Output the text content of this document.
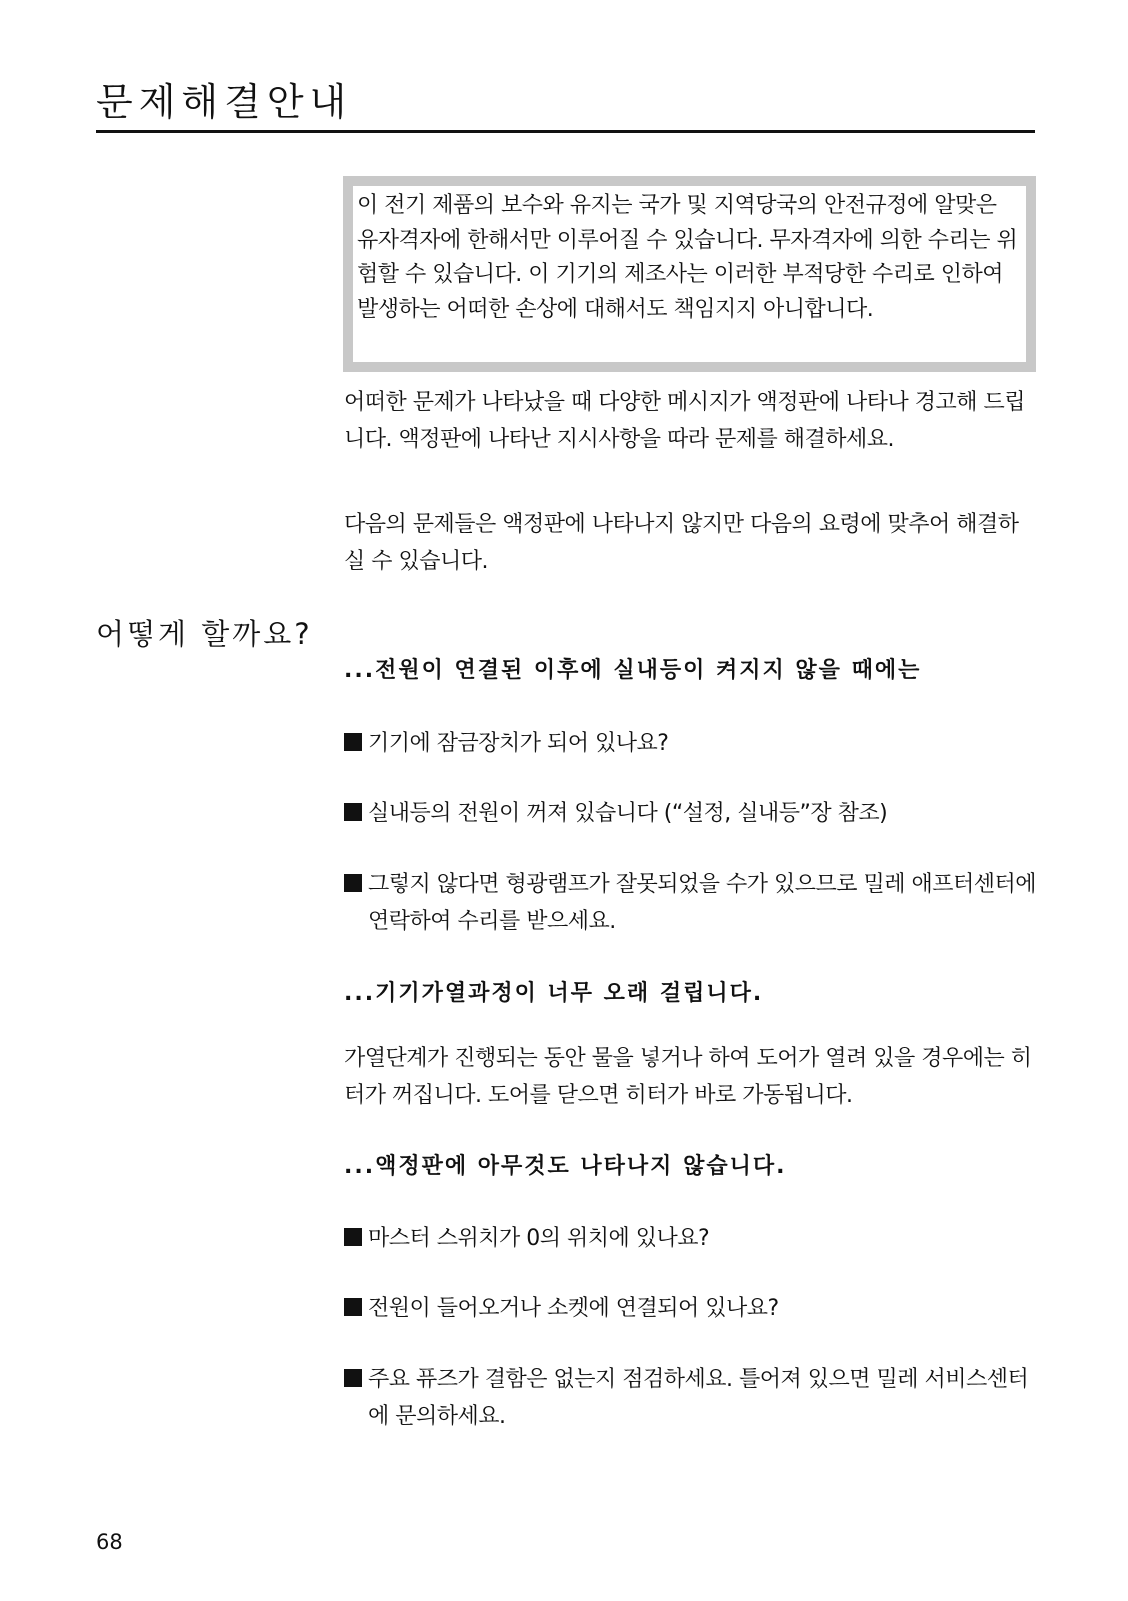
문제해결안내
이 전기 제품의 보수와 유지는 국가 및 지역당국의 안전규정에 알맞은 유자격자에 한해서만 이루어질 수 있습니다. 무자격자에 의한 수리는 위험할 수 있습니다. 이 기기의 제조사는 이러한 부적당한 수리로 인하여 발생하는 어떠한 손상에 대해서도 책임지지 아니합니다.

어떠한 문제가 나타났을 때 다양한 메시지가 액정판에 나타나 경고해 드립니다. 액정판에 나타난 지시사항을 따라 문제를 해결하세요.

다음의 문제들은 액정판에 나타나지 않지만 다음의 요령에 맞추어 해결하실 수 있습니다.

어떻게 할까요?
...전원이 연결된 이후에 실내등이 켜지지 않을 때에는
기기에 잠금장치가 되어 있나요?
실내등의 전원이 꺼져 있습니다 (“설정, 실내등”장 참조)
그렇지 않다면 형광램프가 잘못되었을 수가 있으므로 밀레 애프터센터에 연락하여 수리를 받으세요.
...기기가열과정이 너무 오래 걸립니다.

가열단계가 진행되는 동안 물을 넣거나 하여 도어가 열려 있을 경우에는 히터가 꺼집니다. 도어를 닫으면 히터가 바로 가동됩니다.

...액정판에 아무것도 나타나지 않습니다.
마스터 스위치가 0의 위치에 있나요?
전원이 들어오거나 소켓에 연결되어 있나요?
주요 퓨즈가 결함은 없는지 점검하세요. 틀어져 있으면 밀레 서비스센터에 문의하세요.
68
